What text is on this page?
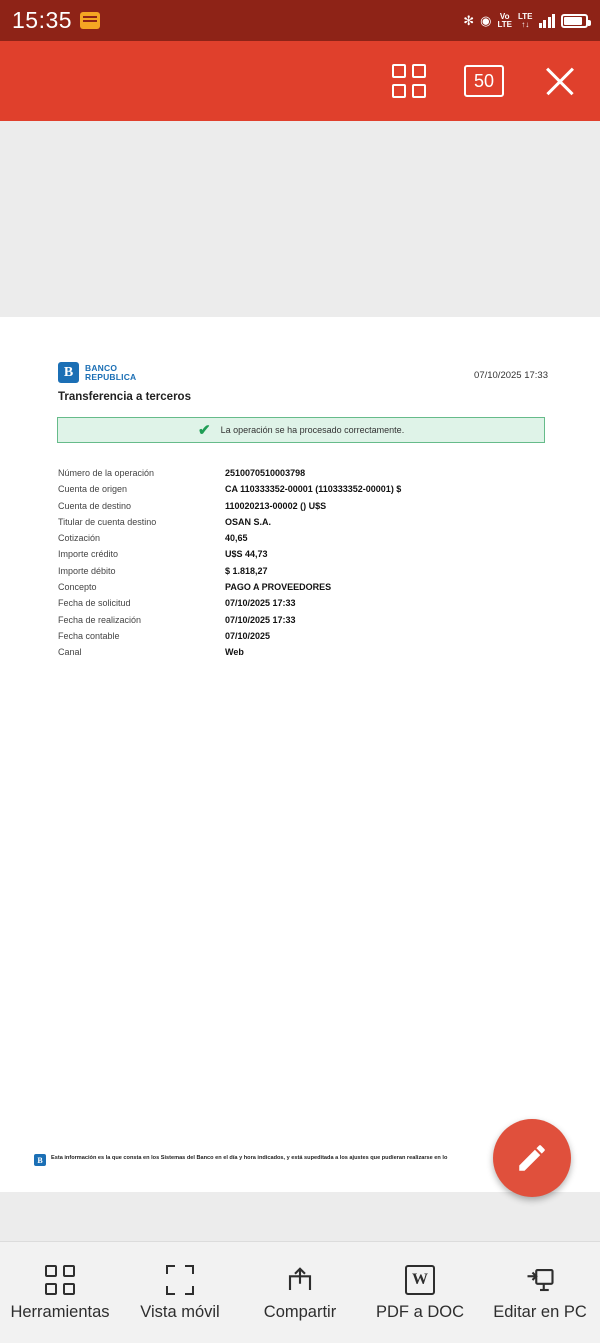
15:35	✻ ◉	Vo
LTE
LTE
↑↓
50
B	BANCO
REPUBLICA	07/10/2025 17:33
Transferencia a terceros
✔ La operación se ha procesado correctamente.
Número de la operación	2510070510003798
Cuenta de origen	CA 110333352-00001 (110333352-00001) $
Cuenta de destino	110020213-00002 () U$S
Titular de cuenta destino	OSAN S.A.
Cotización	40,65
Importe crédito	U$S 44,73
Importe débito	$ 1.818,27
Concepto	PAGO A PROVEEDORES
Fecha de solicitud	07/10/2025 17:33
Fecha de realización	07/10/2025 17:33
Fecha contable	07/10/2025
Canal	Web
B	Esta información es la que consta en los Sistemas del Banco en el día y hora indicados, y está supeditada a los ajustes que pudieran realizarse en lo
Herramientas Vista móvil	Compartir
W
PDF a DOC Editar en PC
